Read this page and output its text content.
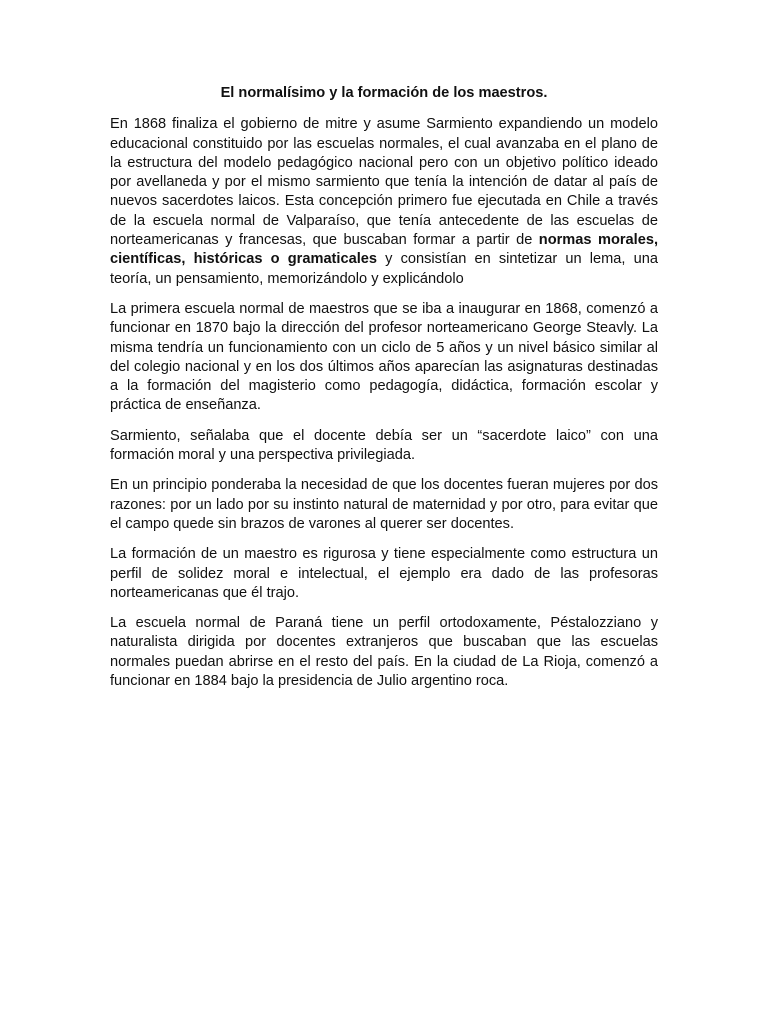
El normalísimo y la formación de los maestros.
En 1868 finaliza el gobierno de mitre y asume Sarmiento expandiendo un modelo educacional constituido por las escuelas normales, el cual avanzaba en el plano de la estructura del modelo pedagógico nacional pero con un objetivo político ideado por avellaneda y por el mismo sarmiento que tenía la intención de datar al país de nuevos sacerdotes laicos. Esta concepción primero fue ejecutada en Chile a través de la escuela normal de Valparaíso, que tenía antecedente de las escuelas de norteamericanas y francesas, que buscaban formar a partir de normas morales, científicas, históricas o gramaticales y consistían en sintetizar un lema, una teoría, un pensamiento, memorizándolo y explicándolo
La primera escuela normal de maestros que se iba a inaugurar en 1868, comenzó a funcionar en 1870 bajo la dirección del profesor norteamericano George Steavly. La misma tendría un funcionamiento con un ciclo de 5 años y un nivel básico similar al del colegio nacional y en los dos últimos años aparecían las asignaturas destinadas a la formación del magisterio como pedagogía, didáctica, formación escolar y práctica de enseñanza.
Sarmiento, señalaba que el docente debía ser un “sacerdote laico” con una formación moral y una perspectiva privilegiada.
En un principio ponderaba la necesidad de que los docentes fueran mujeres por dos razones: por un lado por su instinto natural de maternidad y por otro, para evitar que el campo quede sin brazos de varones al querer ser docentes.
La formación de un maestro es rigurosa y tiene especialmente como estructura un perfil de solidez moral e intelectual, el ejemplo era dado de las profesoras norteamericanas que él trajo.
La escuela normal de Paraná tiene un perfil ortodoxamente, Péstalozziano y naturalista dirigida por docentes extranjeros que buscaban que las escuelas normales puedan abrirse en el resto del país. En la ciudad de La Rioja, comenzó a funcionar en 1884 bajo la presidencia de Julio argentino roca.
